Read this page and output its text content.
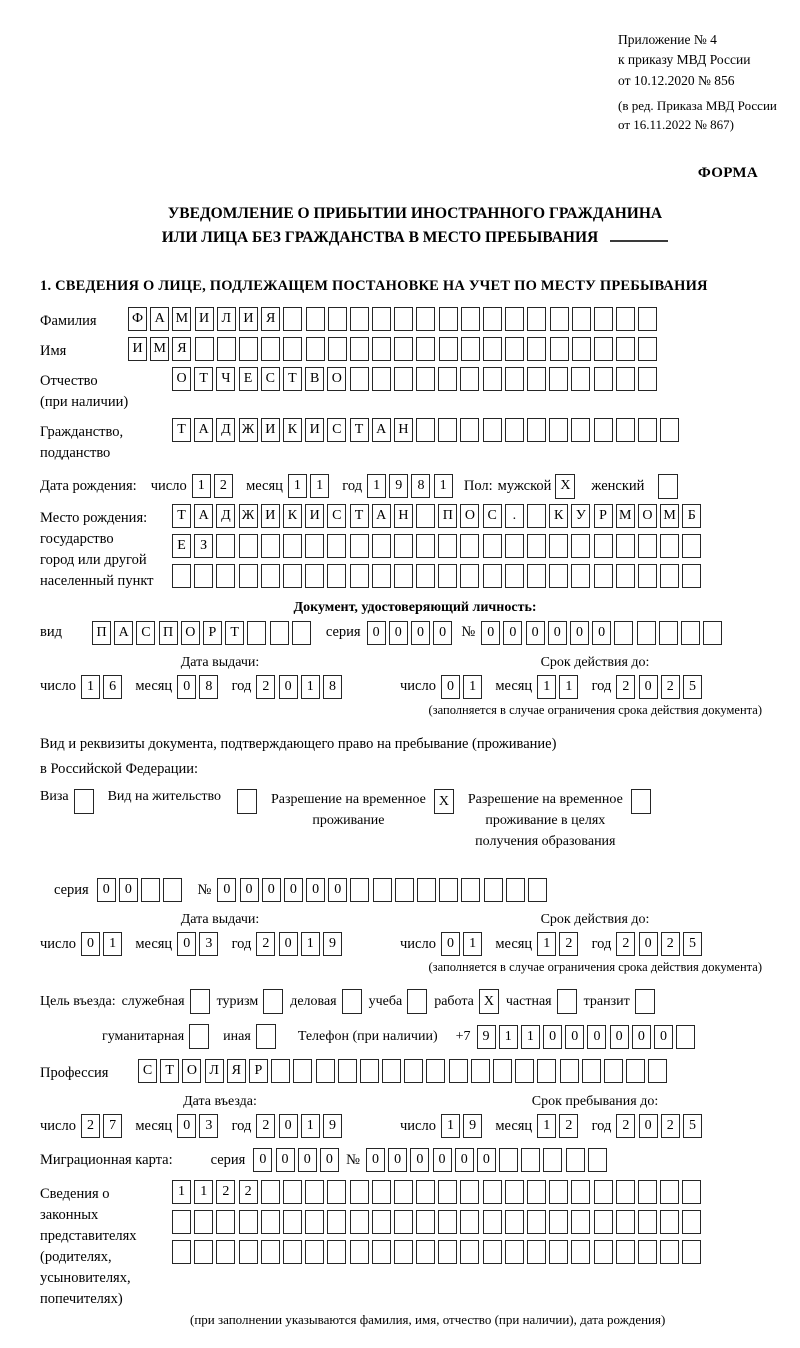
Приложение № 4
к приказу МВД России
от 10.12.2020 № 856
(в ред. Приказа МВД России
от 16.11.2022 № 867)
ФОРМА
УВЕДОМЛЕНИЕ О ПРИБЫТИИ ИНОСТРАННОГО ГРАЖДАНИНА
ИЛИ ЛИЦА БЕЗ ГРАЖДАНСТВА В МЕСТО ПРЕБЫВАНИЯ
1. СВЕДЕНИЯ О ЛИЦЕ, ПОДЛЕЖАЩЕМ ПОСТАНОВКЕ НА УЧЕТ ПО МЕСТУ ПРЕБЫВАНИЯ
Фамилия	Ф А М И Л И Я
Имя	И М Я
Отчество
(при наличии)
О Т Ч Е С Т В О
Гражданство,
подданство
Т А Д Ж И К И С Т А Н
Дата рождения: число 1	2	месяц 1	1	год 1	9	8	1	Пол: мужской X	женский
Место рождения:
государство
город или другой
населенный пункт
Т А Д Ж И К И С Т А Н	П О С	.	К У Р М О М Б
Е	З
Документ, удостоверяющий личность:
вид	П А С П О Р	Т	серия 0	0	0	0	№ 0	0	0	0	0	0
Дата выдачи:
число 1	6	месяц 0	8	год 2	0	1	8
Срок действия до:
число 0	1	месяц 1	1	год 2	0	2	5
(заполняется в случае ограничения срока действия документа)
Вид и реквизиты документа, подтверждающего право на пребывание (проживание)
в Российской Федерации:
Виза	Вид на жительство	Разрешение на временное
проживание
X	Разрешение на временное
проживание в целях
получения образования
серия	0	0	№ 0	0	0	0	0	0
Дата выдачи:
число 0	1	месяц 0	3	год 2	0	1	9
Срок действия до:
число 0	1	месяц 1	2	год 2	0	2	5
(заполняется в случае ограничения срока действия документа)
Цель въезда: служебная туризм деловая учеба работа X частная транзит
гуманитарная	иная	Телефон (при наличии) +7 9	1	1	0	0	0	0	0	0
Профессия	С Т О Л Я Р
Дата въезда:
число 2	7	месяц 0	3	год 2	0	1	9
Срок пребывания до:
число 1	9	месяц 1	2	год 2	0	2	5
Миграционная карта:	серия	0	0	0	0 № 0	0	0	0	0	0
Сведения о
законных
представителях
(родителях,
усыновителях,
попечителях)
1	1	2	2
(при заполнении указываются фамилия, имя, отчество (при наличии), дата рождения)
